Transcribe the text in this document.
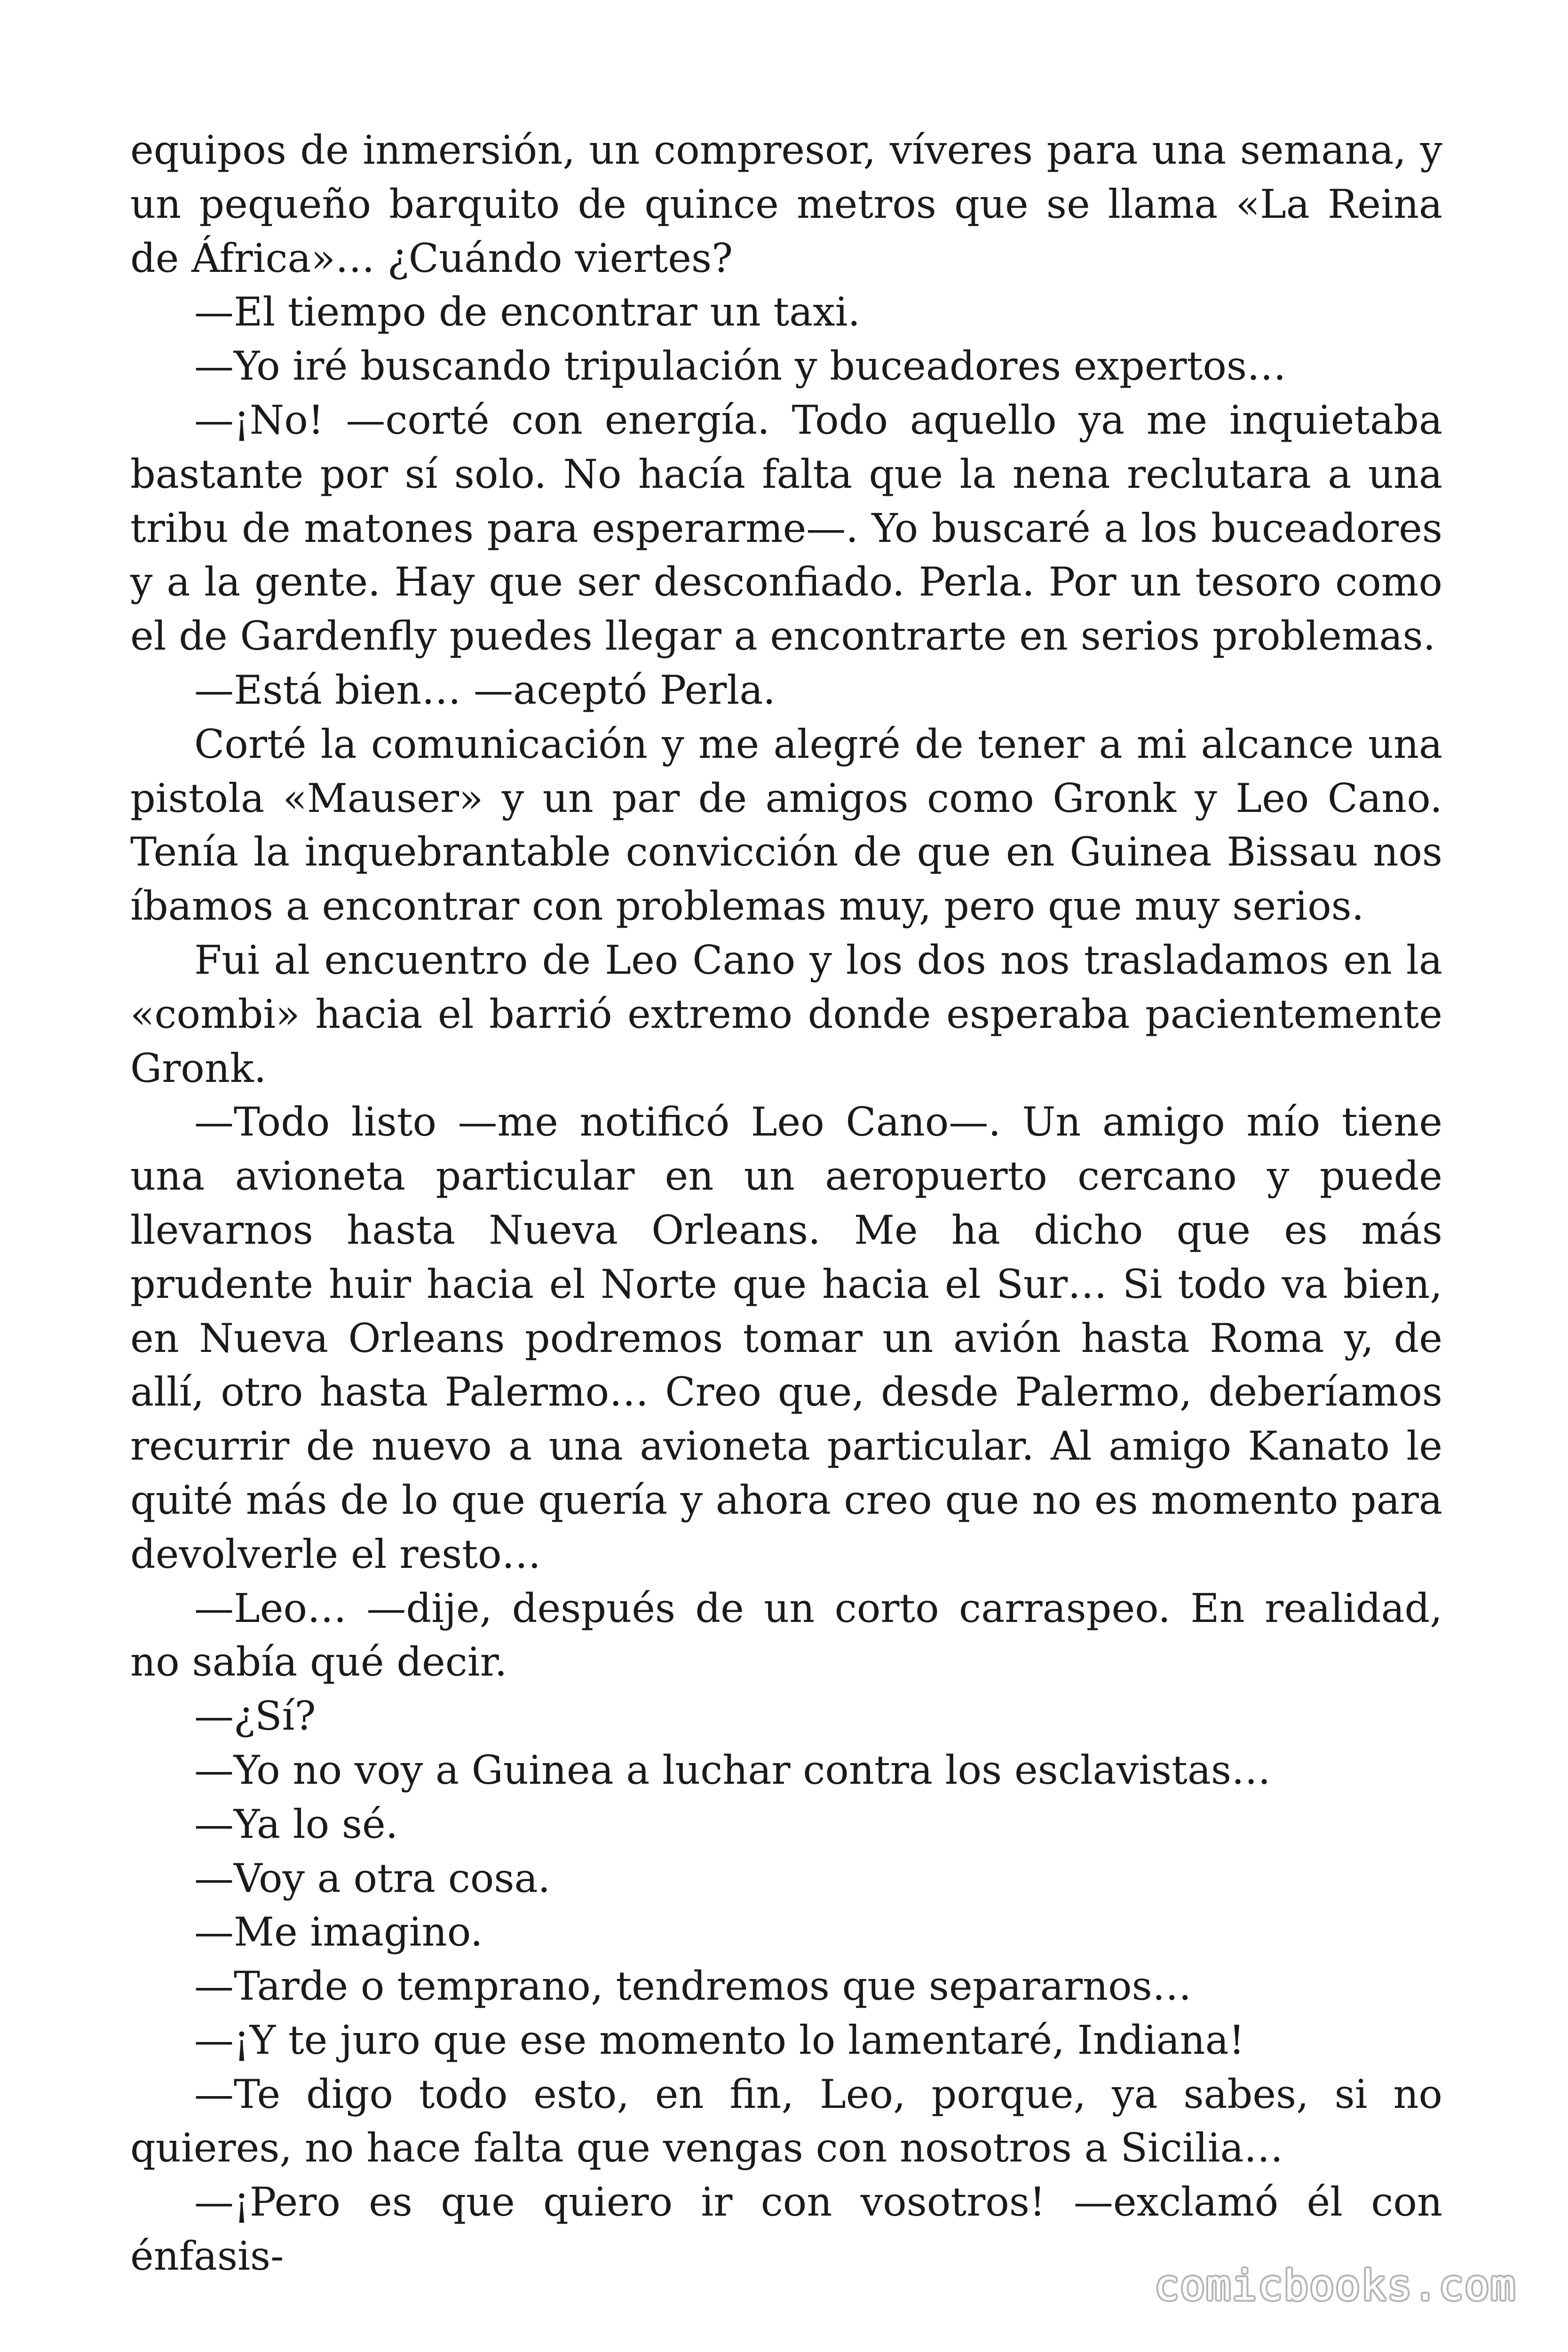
equipos de inmersión, un compresor, víveres para una semana, y un pequeño barquito de quince metros que se llama «La Reina de África»… ¿Cuándo viertes?

—El tiempo de encontrar un taxi.

—Yo iré buscando tripulación y buceadores expertos…

—¡No! —corté con energía. Todo aquello ya me inquietaba bastante por sí solo. No hacía falta que la nena reclutara a una tribu de matones para esperarme—. Yo buscaré a los buceadores y a la gente. Hay que ser desconfiado. Perla. Por un tesoro como el de Gardenfly puedes llegar a encontrarte en serios problemas.

—Está bien… —aceptó Perla.

Corté la comunicación y me alegré de tener a mi alcance una pistola «Mauser» y un par de amigos como Gronk y Leo Cano. Tenía la inquebrantable convicción de que en Guinea Bissau nos íbamos a encontrar con problemas muy, pero que muy serios.

Fui al encuentro de Leo Cano y los dos nos trasladamos en la «combi» hacia el barrió extremo donde esperaba pacientemente Gronk.

—Todo listo —me notificó Leo Cano—. Un amigo mío tiene una avioneta particular en un aeropuerto cercano y puede llevarnos hasta Nueva Orleans. Me ha dicho que es más prudente huir hacia el Norte que hacia el Sur… Si todo va bien, en Nueva Orleans podremos tomar un avión hasta Roma y, de allí, otro hasta Palermo… Creo que, desde Palermo, deberíamos recurrir de nuevo a una avioneta particular. Al amigo Kanato le quité más de lo que quería y ahora creo que no es momento para devolverle el resto…

—Leo… —dije, después de un corto carraspeo. En realidad, no sabía qué decir.

—¿Sí?

—Yo no voy a Guinea a luchar contra los esclavistas…

—Ya lo sé.

—Voy a otra cosa.

—Me imagino.

—Tarde o temprano, tendremos que separarnos…

—¡Y te juro que ese momento lo lamentaré, Indiana!

—Te digo todo esto, en fin, Leo, porque, ya sabes, si no quieres, no hace falta que vengas con nosotros a Sicilia…

—¡Pero es que quiero ir con vosotros! —exclamó él con énfasis-

comicbooks.com
